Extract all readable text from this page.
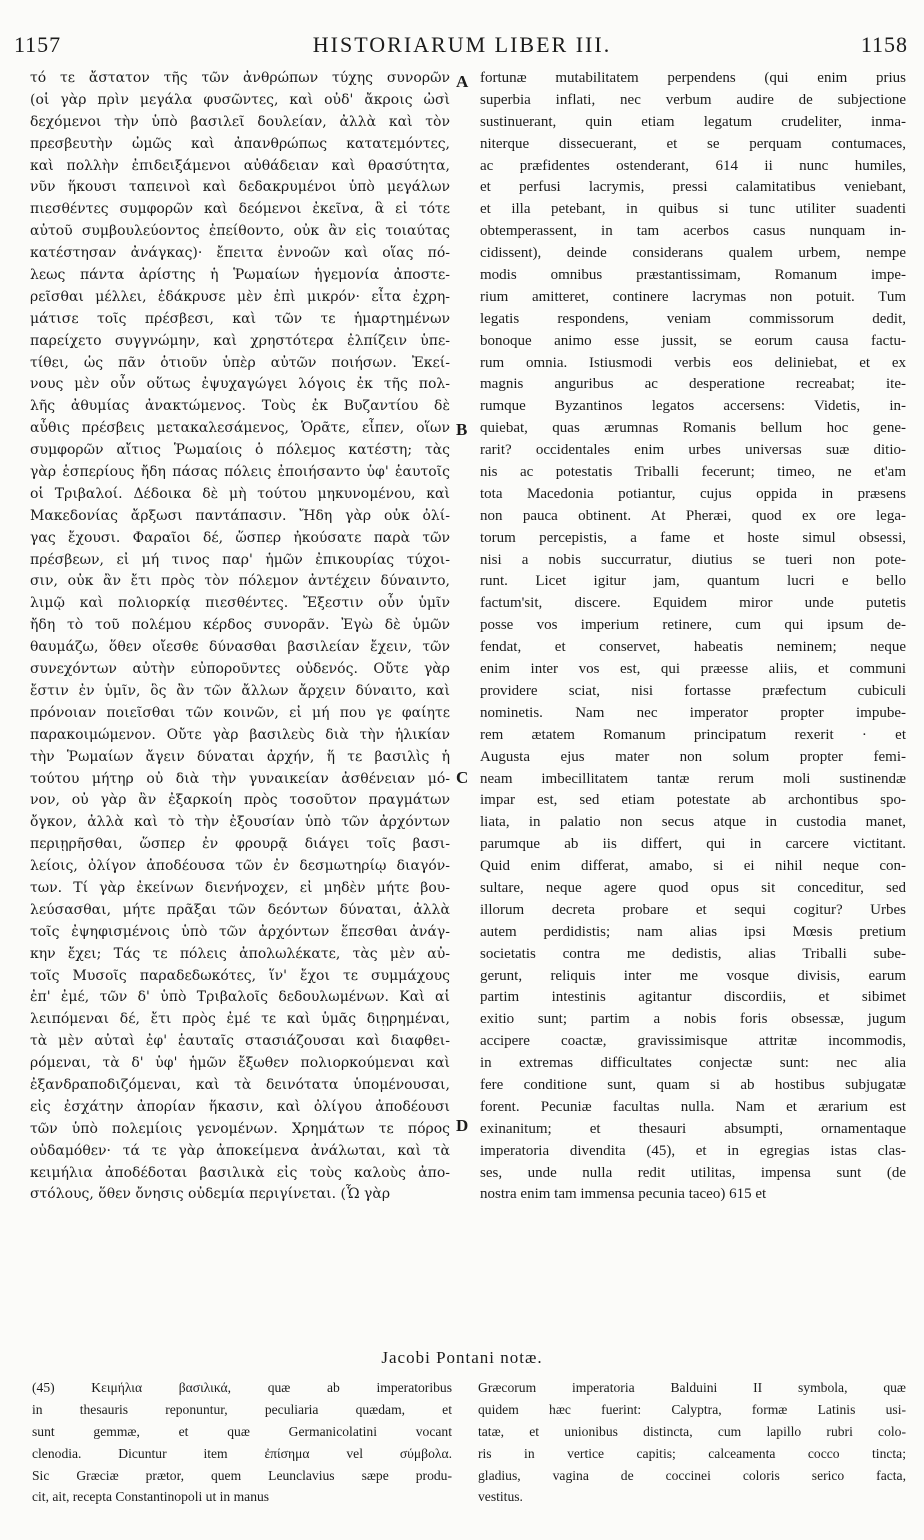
1157	HISTORIARUM LIBER III.	1158
τό τε ἄστατον τῆς τῶν ἀνθρώπων τύχης συνορῶν
(οἱ γὰρ πρὶν μεγάλα φυσῶντες, καὶ οὐδ' ἄκροις ὠσὶ
δεχόμενοι τὴν ὑπὸ βασιλεῖ δουλείαν, ἀλλὰ καὶ τὸν
πρεσβευτὴν ὠμῶς καὶ ἀπανθρώπως κατατεμόντες,
καὶ πολλὴν ἐπιδειξάμενοι αὐθάδειαν καὶ θρασύτητα,
νῦν ἥκουσι ταπεινοὶ καὶ δεδακρυμένοι ὑπὸ μεγάλων
πιεσθέντες συμφορῶν καὶ δεόμενοι ἐκεῖνα, ἃ εἰ τότε
αὐτοῦ συμβουλεύοντος ἐπείθοντο, οὐκ ἂν εἰς τοιαύτας
κατέστησαν ἀνάγκας)· ἔπειτα ἐννοῶν καὶ οἵας πό-
λεως πάντα ἀρίστης ἡ Ῥωμαίων ἡγεμονία ἀποστε-
ρεῖσθαι μέλλει, ἐδάκρυσε μὲν ἐπὶ μικρόν· εἶτα ἐχρη-
μάτισε τοῖς πρέσβεσι, καὶ τῶν τε ἡμαρτημένων
παρείχετο συγγνώμην, καὶ χρηστότερα ἐλπίζειν ὑπε-
τίθει, ὡς πᾶν ὁτιοῦν ὑπὲρ αὐτῶν ποιήσων. Ἐκεί-
νους μὲν οὖν οὕτως ἐψυχαγώγει λόγοις ἐκ τῆς πολ-
λῆς ἀθυμίας ἀνακτώμενος. Τοὺς ἐκ Βυζαντίου δὲ
αὖθις πρέσβεις μετακαλεσάμενος, Ὁρᾶτε, εἶπεν, οἵων
συμφορῶν αἴτιος Ῥωμαίοις ὁ πόλεμος κατέστη; τὰς
γὰρ ἑσπερίους ἤδη πάσας πόλεις ἐποιήσαντο ὑφ' ἑαυτοῖς
οἱ Τριβαλοί. Δέδοικα δὲ μὴ τούτου μηκυνομένου, καὶ
Μακεδονίας ἄρξωσι παντάπασιν. Ἤδη γὰρ οὐκ ὀλί-
γας ἔχουσι. Φαραῖοι δέ, ὥσπερ ἠκούσατε παρὰ τῶν
πρέσβεων, εἰ μή τινος παρ' ἡμῶν ἐπικουρίας τύχοι-
σιν, οὐκ ἂν ἔτι πρὸς τὸν πόλεμον ἀντέχειν δύναιντο,
λιμῷ καὶ πολιορκίᾳ πιεσθέντες. Ἔξεστιν οὖν ὑμῖν
ἤδη τὸ τοῦ πολέμου κέρδος συνορᾶν. Ἐγὼ δὲ ὑμῶν
θαυμάζω, ὅθεν οἴεσθε δύνασθαι βασιλείαν ἔχειν, τῶν
συνεχόντων αὐτὴν εὐποροῦντες οὐδενός. Οὔτε γὰρ
ἔστιν ἐν ὑμῖν, ὃς ἂν τῶν ἄλλων ἄρχειν δύναιτο, καὶ
πρόνοιαν ποιεῖσθαι τῶν κοινῶν, εἰ μή που γε φαίητε
παρακοιμώμενον. Οὔτε γὰρ βασιλεὺς διὰ τὴν ἡλικίαν
τὴν Ῥωμαίων ἄγειν δύναται ἀρχήν, ἥ τε βασιλὶς ἡ
τούτου μήτηρ οὐ διὰ τὴν γυναικείαν ἀσθένειαν μό-
νον, οὐ γὰρ ἂν ἐξαρκοίη πρὸς τοσοῦτον πραγμάτων
ὄγκον, ἀλλὰ καὶ τὸ τὴν ἐξουσίαν ὑπὸ τῶν ἀρχόντων
περιῃρῆσθαι, ὥσπερ ἐν φρουρᾷ διάγει τοῖς βασι-
λείοις, ὀλίγον ἀποδέουσα τῶν ἐν δεσμωτηρίῳ διαγόν-
των. Τί γὰρ ἐκείνων διενήνοχεν, εἰ μηδὲν μήτε βου-
λεύσασθαι, μήτε πρᾶξαι τῶν δεόντων δύναται, ἀλλὰ
τοῖς ἐψηφισμένοις ὑπὸ τῶν ἀρχόντων ἕπεσθαι ἀνάγ-
κην ἔχει; Τάς τε πόλεις ἀπολωλέκατε, τὰς μὲν αὐ-
τοῖς Μυσοῖς παραδεδωκότες, ἵν' ἔχοι τε συμμάχους
ἐπ' ἐμέ, τῶν δ' ὑπὸ Τριβαλοῖς δεδουλωμένων. Καὶ αἱ
λειπόμεναι δέ, ἔτι πρὸς ἐμέ τε καὶ ὑμᾶς διῃρημέναι,
τὰ μὲν αὐταὶ ἐφ' ἑαυταῖς στασιάζουσαι καὶ διαφθει-
ρόμεναι, τὰ δ' ὑφ' ἡμῶν ἔξωθεν πολιορκούμεναι καὶ
ἐξανδραποδιζόμεναι, καὶ τὰ δεινότατα ὑπομένουσαι,
εἰς ἐσχάτην ἀπορίαν ἥκασιν, καὶ ὀλίγου ἀποδέουσι
τῶν ὑπὸ πολεμίοις γενομένων. Χρημάτων τε πόρος
οὐδαμόθεν· τά τε γὰρ ἀποκείμενα ἀνάλωται, καὶ τὰ
κειμήλια ἀποδέδοται βασιλικὰ εἰς τοὺς καλοὺς ἀπο-
στόλους, ὅθεν ὄνησις οὐδεμία περιγίνεται. (Ὧ γὰρ
fortunæ mutabilitatem perpendens (qui enim prius
superbia inflati, nec verbum audire de subjectione
sustinuerant, quin etiam legatum crudeliter, inma-
niterque dissecuerant, et se perquam contumaces,
ac præfidentes ostenderant, 614 ii nunc humiles,
et perfusi lacrymis, pressi calamitatibus veniebant,
et illa petebant, in quibus si tunc utiliter suadenti
obtemperassent, in tam acerbos casus nunquam in-
cidissent), deinde considerans qualem urbem, nempe
modis omnibus præstantissimam, Romanum impe-
rium amitteret, continere lacrymas non potuit. Tum
legatis respondens, veniam commissorum dedit,
bonoque animo esse jussit, se eorum causa factu-
rum omnia. Istiusmodi verbis eos deliniebat, et ex
magnis anguribus ac desperatione recreabat; ite-
rumque Byzantinos legatos accersens: Videtis, in-
quiebat, quas ærumnas Romanis bellum hoc gene-
rarit? occidentales enim urbes universas suæ ditio-
nis ac potestatis Triballi fecerunt; timeo, ne et'am
tota Macedonia potiantur, cujus oppida in præsens
non pauca obtinent. At Pheræi, quod ex ore lega-
torum percepistis, a fame et hoste simul obsessi,
nisi a nobis succurratur, diutius se tueri non pote-
runt. Licet igitur jam, quantum lucri e bello
factum'sit, discere. Equidem miror unde putetis
posse vos imperium retinere, cum qui ipsum de-
fendat, et conservet, habeatis neminem; neque
enim inter vos est, qui præesse aliis, et communi
providere sciat, nisi fortasse præfectum cubiculi
nominetis. Nam nec imperator propter impube-
rem ætatem Romanum principatum rexerit · et
Augusta ejus mater non solum propter femi-
neam imbecillitatem tantæ rerum moli sustinendæ
impar est, sed etiam potestate ab archontibus spo-
liata, in palatio non secus atque in custodia manet,
parumque ab iis differt, qui in carcere victitant.
Quid enim differat, amabo, si ei nihil neque con-
sultare, neque agere quod opus sit conceditur, sed
illorum decreta probare et sequi cogitur? Urbes
autem perdidistis; nam alias ipsi Mœsis pretium
societatis contra me dedistis, alias Triballi sube-
gerunt, reliquis inter me vosque divisis, earum
partim intestinis agitantur discordiis, et sibimet
exitio sunt; partim a nobis foris obsessæ, jugum
accipere coactæ, gravissimisque attritæ incommodis,
in extremas difficultates conjectæ sunt: nec alia
fere conditione sunt, quam si ab hostibus subjugatæ
forent. Pecuniæ facultas nulla. Nam et ærarium est
exinanitum; et thesauri absumpti, ornamentaque
imperatoria divendita (45), et in egregias istas clas-
ses, unde nulla redit utilitas, impensa sunt (de
nostra enim tam immensa pecunia taceo) 615 et
A
B
C
D
Jacobi Pontani notæ.
(45) Κειμήλια βασιλικά, quæ ab imperatoribus
in thesauris reponuntur, peculiaria quædam, et
sunt gemmæ, et quæ Germanicolatini vocant
clenodia. Dicuntur item ἐπίσημα vel σύμβολα.
Sic Græciæ prætor, quem Leunclavius sæpe produ-
cit, ait, recepta Constantinopoli ut in manus
Græcorum imperatoria Balduini II symbola, quæ
quidem hæc fuerint: Calyptra, formæ Latinis usi-
tatæ, et unionibus distincta, cum lapillo rubri colo-
ris in vertice capitis; calceamenta cocco tincta;
gladius, vagina de coccinei coloris serico facta,
vestitus.
